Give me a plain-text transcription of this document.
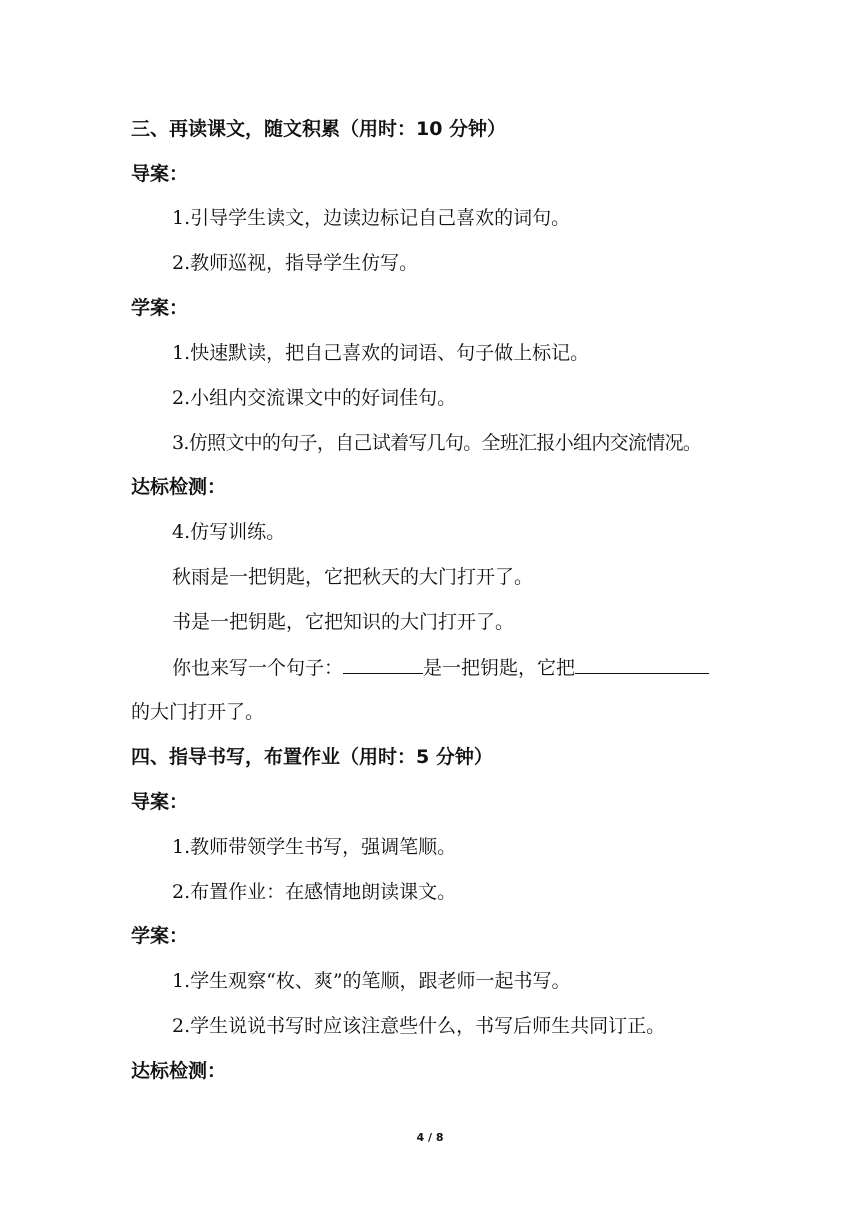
三、再读课文，随文积累（用时：10 分钟）
导案：
1.引导学生读文，边读边标记自己喜欢的词句。
2.教师巡视，指导学生仿写。
学案：
1.快速默读，把自己喜欢的词语、句子做上标记。
2.小组内交流课文中的好词佳句。
3.仿照文中的句子，自己试着写几句。全班汇报小组内交流情况。
达标检测：
4.仿写训练。
秋雨是一把钥匙，它把秋天的大门打开了。
书是一把钥匙，它把知识的大门打开了。
你也来写一个句子：	是一把钥匙，它把
的大门打开了。
四、指导书写，布置作业（用时：5 分钟）
导案：
1.教师带领学生书写，强调笔顺。
2.布置作业：在感情地朗读课文。
学案：
1.学生观察“枚、爽”的笔顺，跟老师一起书写。
2.学生说说书写时应该注意些什么，书写后师生共同订正。
达标检测：
4 / 8
